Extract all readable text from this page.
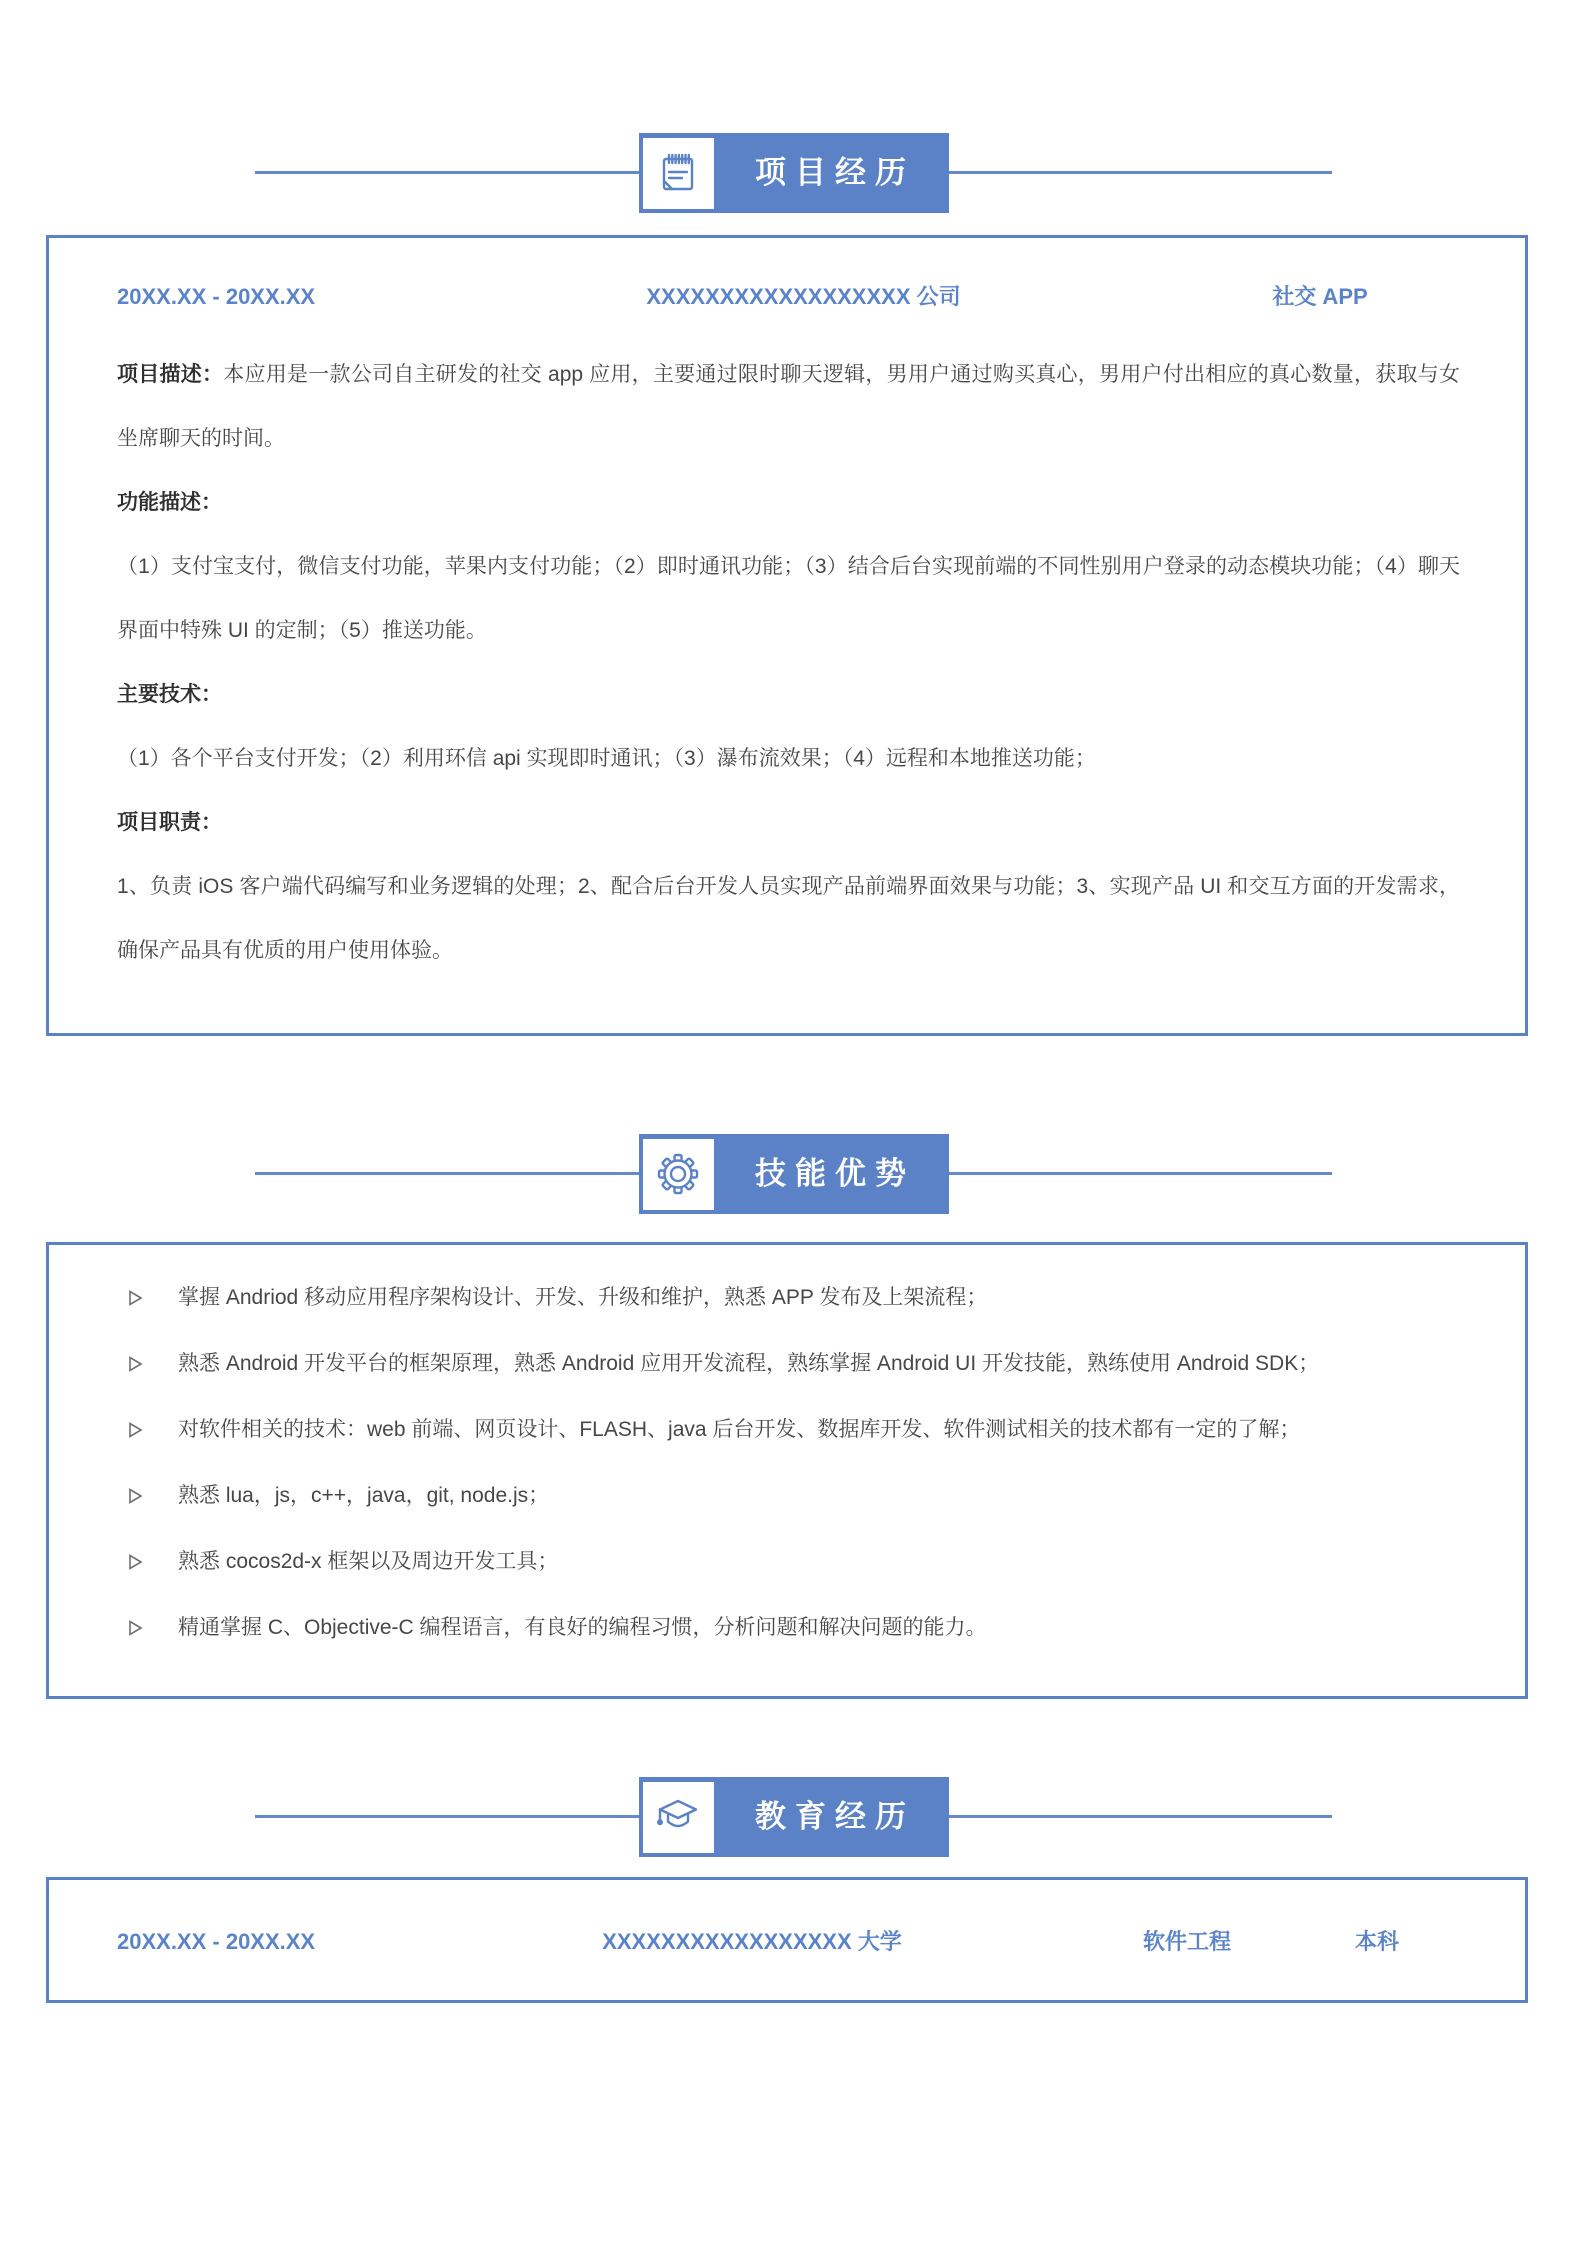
项目经历
20XX.XX - 20XX.XX	XXXXXXXXXXXXXXXXXX 公司	社交 APP

项目描述：本应用是一款公司自主研发的社交 app 应用，主要通过限时聊天逻辑，男用户通过购买真心，男用户付出相应的真心数量，获取与女坐席聊天的时间。

功能描述：
（1）支付宝支付，微信支付功能，苹果内支付功能；（2）即时通讯功能；（3）结合后台实现前端的不同性别用户登录的动态模块功能；（4）聊天界面中特殊 UI 的定制；（5）推送功能。

主要技术：
（1）各个平台支付开发；（2）利用环信 api 实现即时通讯；（3）瀑布流效果；（4）远程和本地推送功能；

项目职责：
1、负责 iOS 客户端代码编写和业务逻辑的处理；2、配合后台开发人员实现产品前端界面效果与功能；3、实现产品 UI 和交互方面的开发需求，确保产品具有优质的用户使用体验。

技能优势
掌握 Andriod 移动应用程序架构设计、开发、升级和维护，熟悉 APP 发布及上架流程；
熟悉 Android 开发平台的框架原理，熟悉 Android 应用开发流程，熟练掌握 Android UI 开发技能，熟练使用 Android SDK；
对软件相关的技术：web 前端、网页设计、FLASH、java 后台开发、数据库开发、软件测试相关的技术都有一定的了解；
熟悉 lua，js，c++，java，git, node.js；
熟悉 cocos2d-x 框架以及周边开发工具；
精通掌握 C、Objective-C 编程语言，有良好的编程习惯，分析问题和解决问题的能力。
教育经历
20XX.XX - 20XX.XX	XXXXXXXXXXXXXXXXX 大学	软件工程	本科
